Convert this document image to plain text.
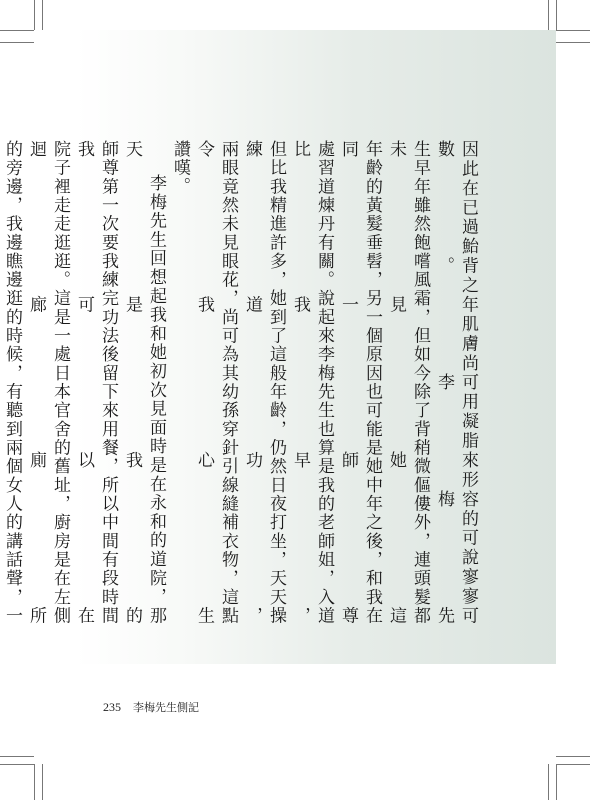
因此在已過鮐背之年肌膚尚可用凝脂來形容的可說寥寥可數。李梅先

生早年雖然飽嚐風霜，但如今除了背稍微傴僂外，連頭髮都未見她這

年齡的黃髮垂髫，另一個原因也可能是她中年之後，和我在同一師尊

處習道煉丹有關。說起來李梅先生也算是我的老師姐，入道比我早，

但比我精進許多，她到了這般年齡，仍然日夜打坐，天天操練道功，

兩眼竟然未見眼花，尚可為其幼孫穿針引線縫補衣物，這點令我心生

讚嘆。

李梅先生回想起我和她初次見面時是在永和的道院，那天是我的

師尊第一次要我練完功法後留下來用餐，所以中間有段時間我可以在

院子裡走走逛逛。這是一處日本官舍的舊址，廚房是在左側迴廊廁所

的旁邊，我邊瞧邊逛的時候，有聽到兩個女人的講話聲，一

235 李梅先生側記
